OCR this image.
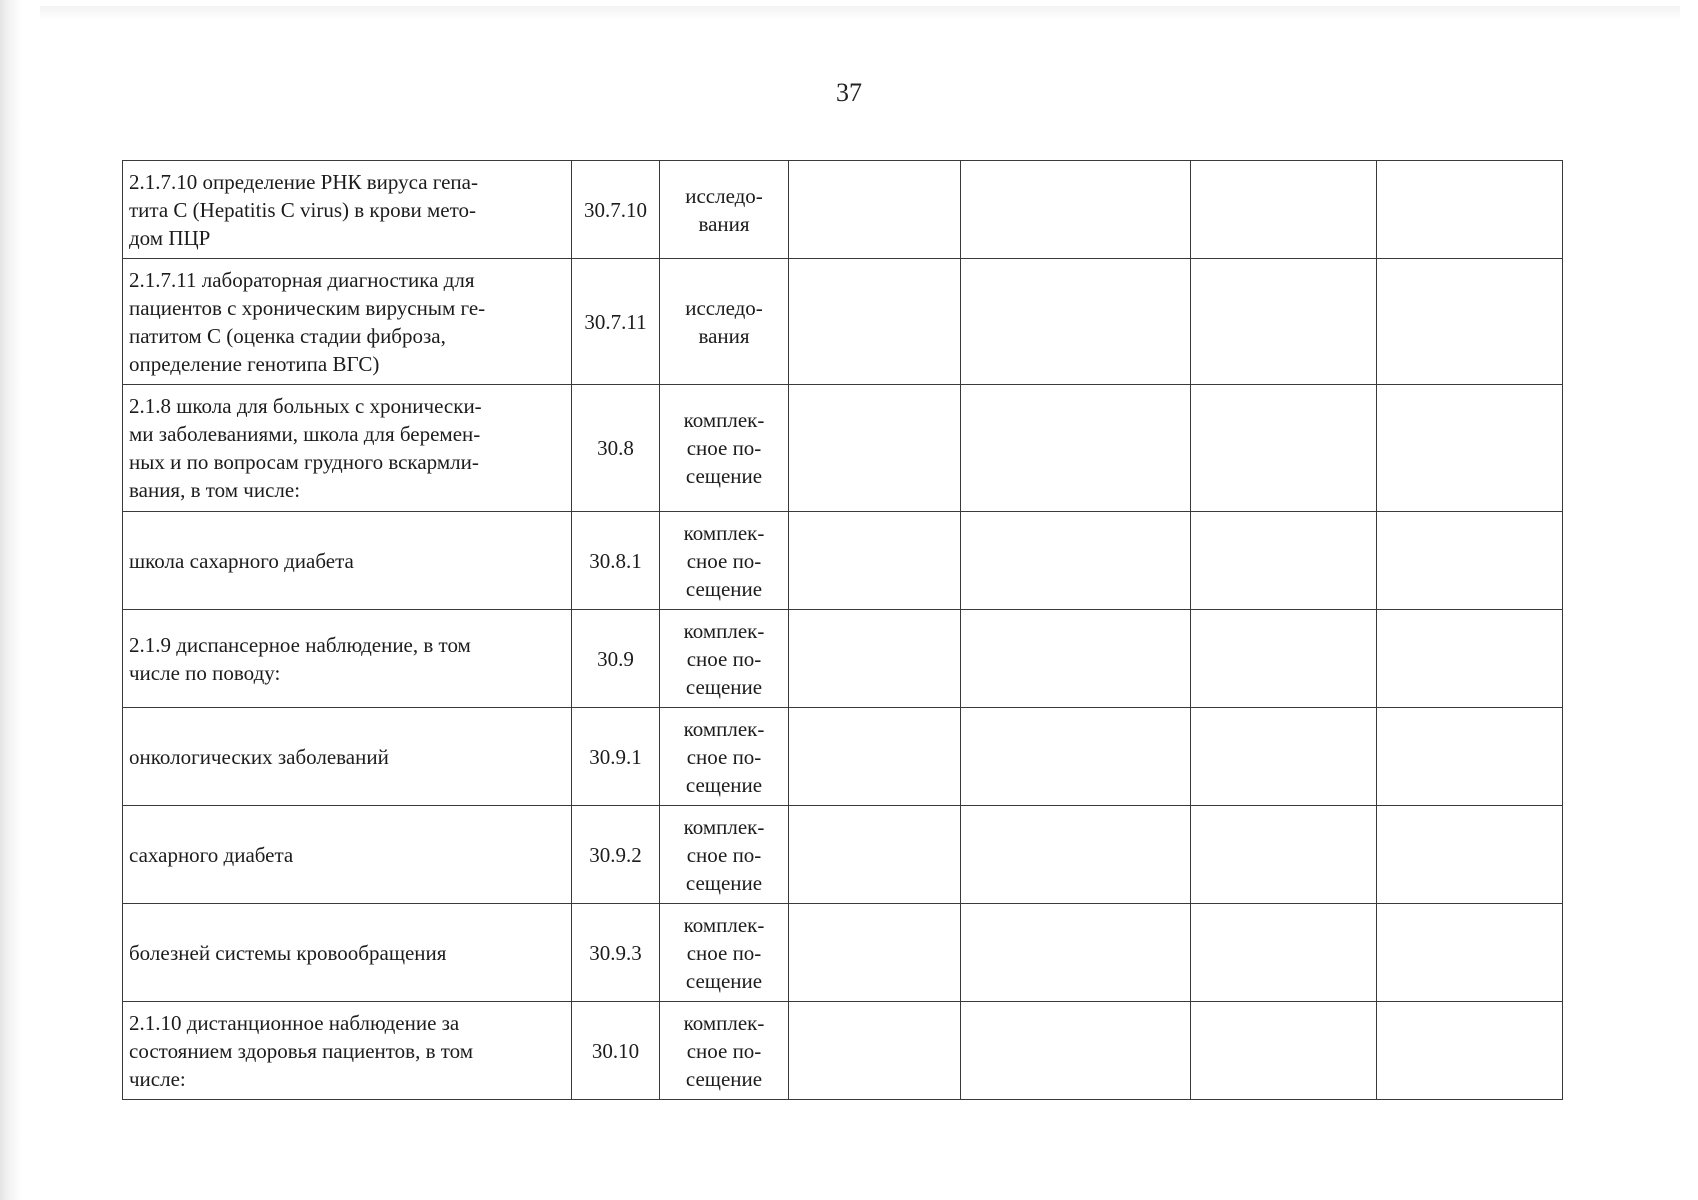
37
2.1.7.10 определение РНК вируса гепа-
тита С (Hepatitis C virus) в крови мето-
дом ПЦР	30.7.10	исследо-
вания				

2.1.7.11 лабораторная диагностика для
пациентов с хроническим вирусным ге-
патитом С (оценка стадии фиброза,
определение генотипа ВГС)	30.7.11	исследо-
вания				

2.1.8 школа для больных с хронически-
ми заболеваниями, школа для беремен-
ных и по вопросам грудного вскармли-
вания, в том числе:	30.8	комплек-
сное по-
сещение				

школа сахарного диабета	30.8.1	комплек-
сное по-
сещение				

2.1.9 диспансерное наблюдение, в том
числе по поводу:	30.9	комплек-
сное по-
сещение				

онкологических заболеваний	30.9.1	комплек-
сное по-
сещение				

сахарного диабета	30.9.2	комплек-
сное по-
сещение				

болезней системы кровообращения	30.9.3	комплек-
сное по-
сещение				

2.1.10 дистанционное наблюдение за
состоянием здоровья пациентов, в том
числе:	30.10	комплек-
сное по-
сещение				
